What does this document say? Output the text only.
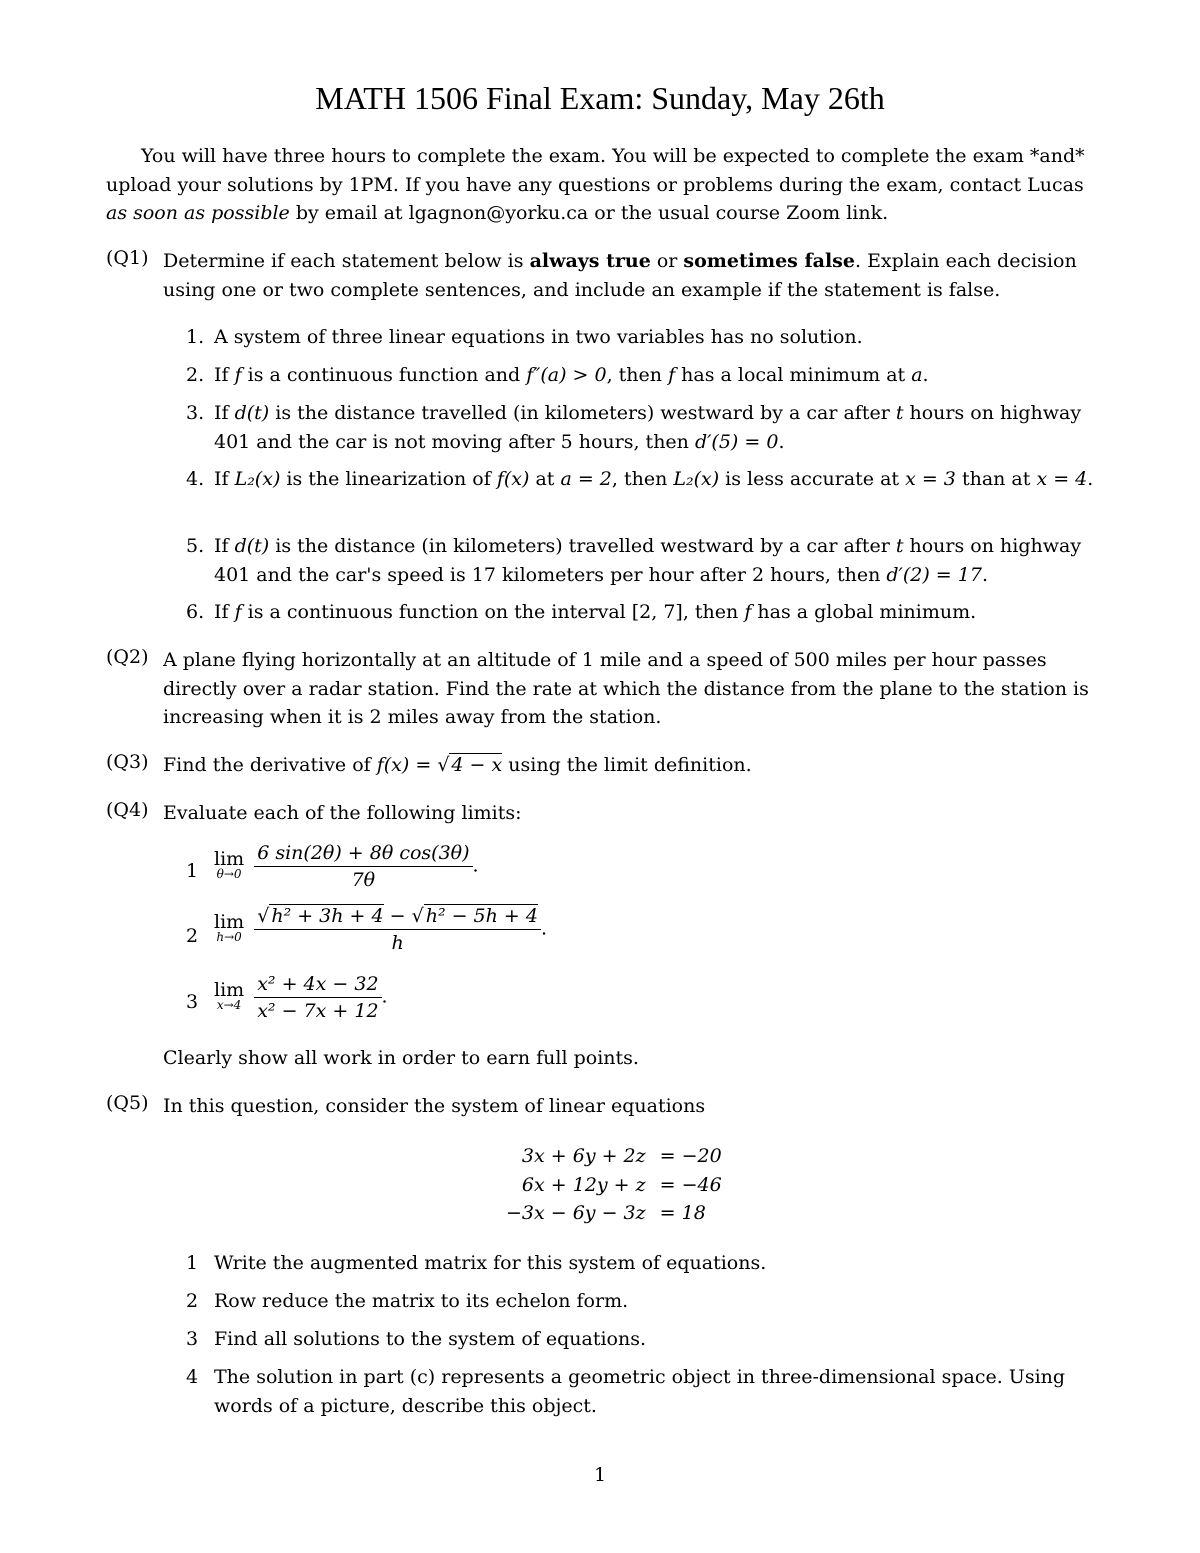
MATH 1506 Final Exam: Sunday, May 26th
You will have three hours to complete the exam. You will be expected to complete the exam *and* upload your solutions by 1PM. If you have any questions or problems during the exam, contact Lucas as soon as possible by email at lgagnon@yorku.ca or the usual course Zoom link.
(Q1) Determine if each statement below is always true or sometimes false. Explain each decision using one or two complete sentences, and include an example if the statement is false.
1. A system of three linear equations in two variables has no solution.
2. If f is a continuous function and f″(a) > 0, then f has a local minimum at a.
3. If d(t) is the distance travelled (in kilometers) westward by a car after t hours on highway 401 and the car is not moving after 5 hours, then d′(5) = 0.
4. If L₂(x) is the linearization of f(x) at a = 2, then L₂(x) is less accurate at x = 3 than at x = 4.
5. If d(t) is the distance (in kilometers) travelled westward by a car after t hours on highway 401 and the car's speed is 17 kilometers per hour after 2 hours, then d′(2) = 17.
6. If f is a continuous function on the interval [2, 7], then f has a global minimum.
(Q2) A plane flying horizontally at an altitude of 1 mile and a speed of 500 miles per hour passes directly over a radar station. Find the rate at which the distance from the plane to the station is increasing when it is 2 miles away from the station.
(Q3) Find the derivative of f(x) = √ 4 − x using the limit definition.
(Q4) Evaluate each of the following limits:
1
lim
θ→0
$\frac{\text{6 sin(2θ) + 8θ cos(3θ)}}{7\theta}$ .
2
lim
h→0
$\frac{\text{√ h² + 3h + 4 − √ h² − 5h + 4}}{h}$ .
3
lim
x→4
$\frac{\text{x² + 4x − 32}}{\text{x² − 7x + 12}}$ .
Clearly show all work in order to earn full points.
(Q5) In this question, consider the system of linear equations
3x + 6y + 2z	= −20
6x + 12y + z	= −46
−3x − 6y − 3z	= 18
1 Write the augmented matrix for this system of equations.
2 Row reduce the matrix to its echelon form.
3 Find all solutions to the system of equations.
4 The solution in part (c) represents a geometric object in three-dimensional space. Using words of a picture, describe this object.
1
